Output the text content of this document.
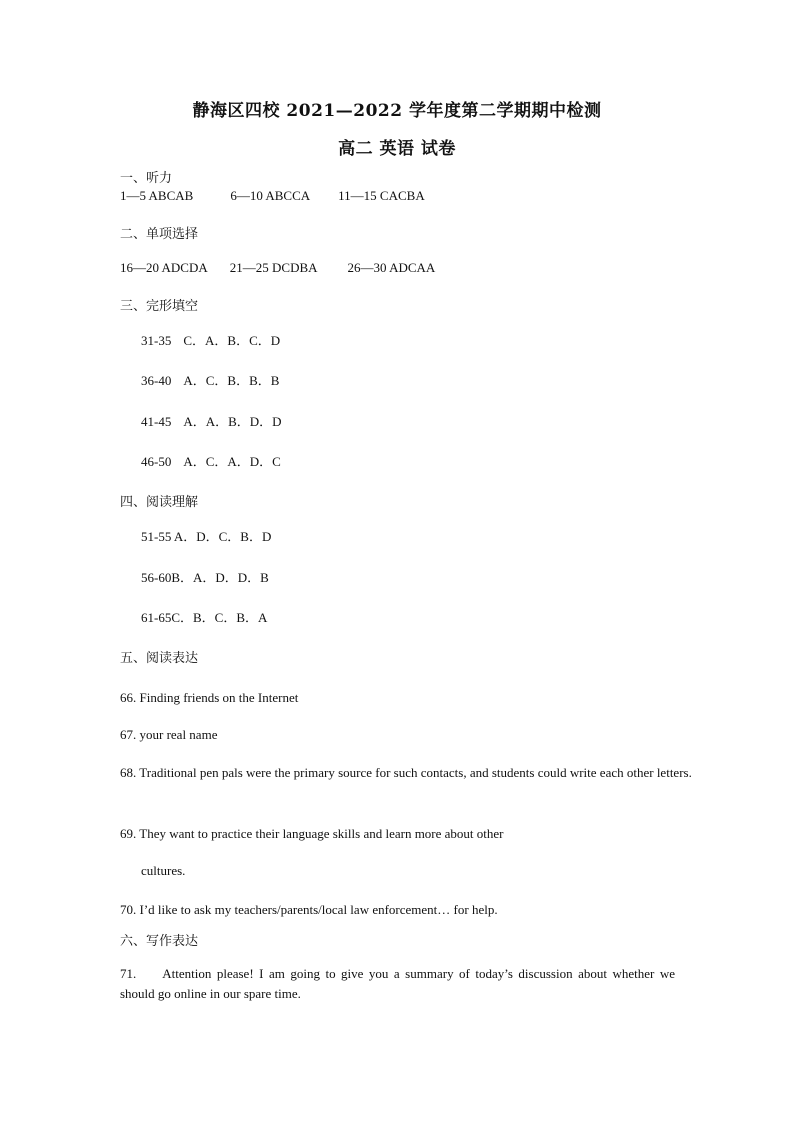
静海区四校 2021—2022 学年度第二学期期中检测
高二 英语 试卷
一、听力
1—5 ABCAB	6—10 ABCCA 11—15 CACBA
二、单项选择
16—20 ADCDA 21—25 DCDBA 26—30 ADCAA
三、完形填空
31-35 C．A．B．C．D
36-40 A．C．B．B．B
41-45 A．A．B．D．D
46-50 A．C．A．D．C
四、阅读理解
51-55 A．D．C．B．D
56-60B．A．D．D．B
61-65C．B．C．B．A
五、阅读表达
66. Finding friends on the Internet
67. your real name
68. Traditional pen pals were the primary source for such contacts, and students could write each other letters.
69. They want to practice their language skills and learn more about other
cultures.
70. I’d like to ask my teachers/parents/local law enforcement… for help.
六、写作表达
71. Attention please! I am going to give you a summary of today’s discussion about whether we should go online in our spare time.
